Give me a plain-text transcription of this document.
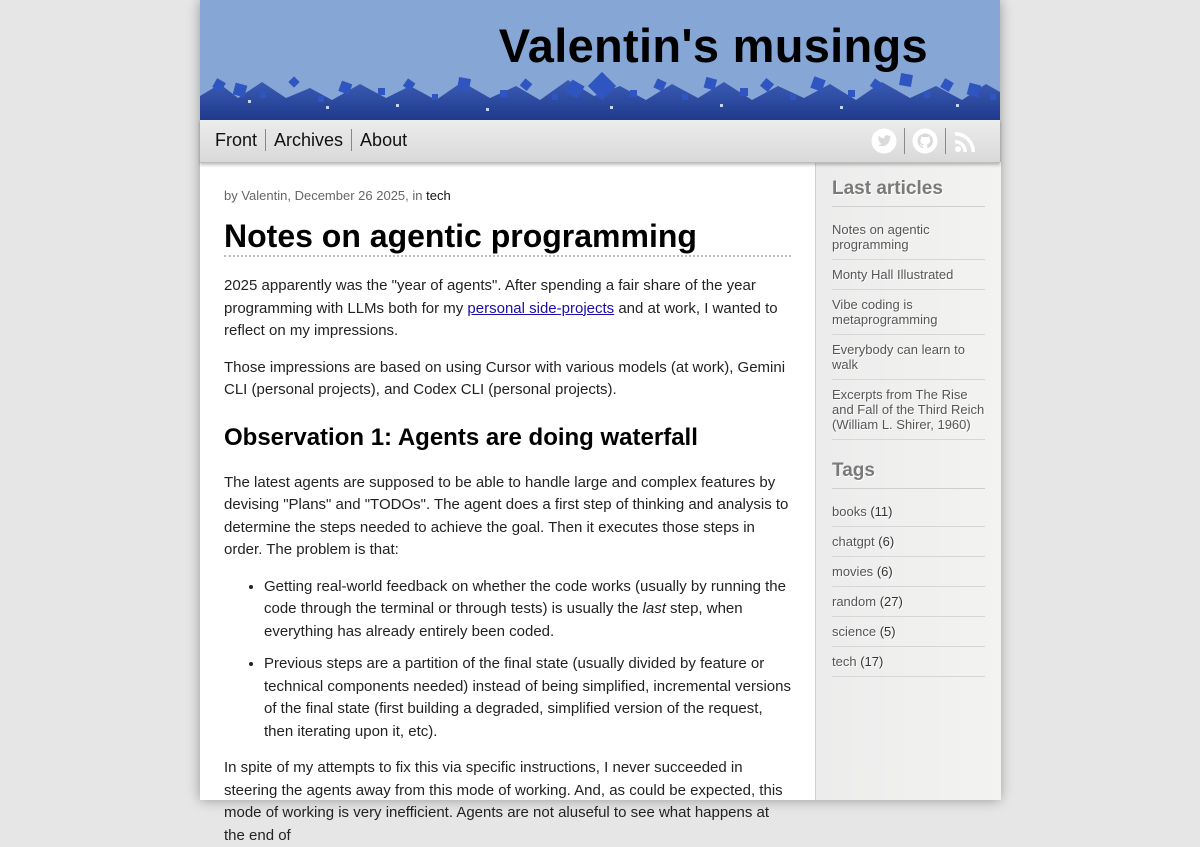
Valentin's musings
Front Archives About
by Valentin, December 26 2025, in tech
Notes on agentic programming

2025 apparently was the "year of agents". After spending a fair share of the year programming with LLMs both for my personal side-projects and at work, I wanted to reflect on my impressions.

Those impressions are based on using Cursor with various models (at work), Gemini CLI (personal projects), and Codex CLI (personal projects).

Observation 1: Agents are doing waterfall

The latest agents are supposed to be able to handle large and complex features by devising "Plans" and "TODOs". The agent does a first step of thinking and analysis to determine the steps needed to achieve the goal. Then it executes those steps in order. The problem is that:

• Getting real-world feedback on whether the code works (usually by running the code through the terminal or through tests) is usually the last step, when everything has already entirely been coded.
• Previous steps are a partition of the final state (usually divided by feature or technical components needed) instead of being simplified, incremental versions of the final state (first building a degraded, simplified version of the request, then iterating upon it, etc).

In spite of my attempts to fix this via specific instructions, I never succeeded in steering the agents away from this mode of working. And, as could be expected, this mode of working is very inefficient. Agents are not aluseful to see what happens at the end of

Last articles
Notes on agentic programming
Monty Hall Illustrated
Vibe coding is metaprogramming
Everybody can learn to walk
Excerpts from The Rise and Fall of the Third Reich (William L. Shirer, 1960)
Tags
books (11)
chatgpt (6)
movies (6)
random (27)
science (5)
tech (17)
